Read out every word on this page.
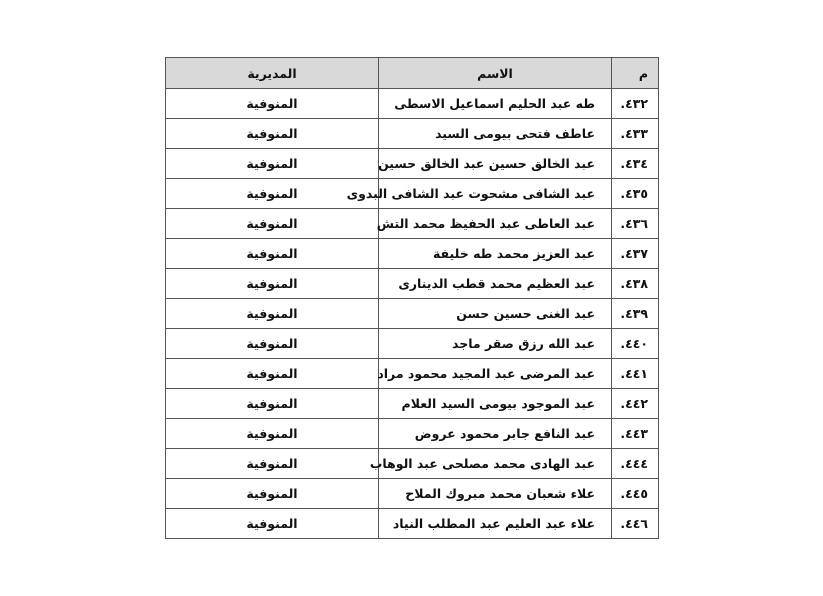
م	الاسم	المديرية
٤٣٢.	طه عبد الحليم اسماعيل الاسطى	المنوفية
٤٣٣.	عاطف فتحى بيومى السيد	المنوفية
٤٣٤.	عبد الخالق حسين عبد الخالق حسين	المنوفية
٤٣٥.	عبد الشافى مشحوت عبد الشافى البدوى	المنوفية
٤٣٦.	عبد العاطى عبد الحفيظ محمد التش	المنوفية
٤٣٧.	عبد العزيز محمد طه خليفة	المنوفية
٤٣٨.	عبد العظيم محمد قطب الدينارى	المنوفية
٤٣٩.	عبد الغنى حسين حسن	المنوفية
٤٤٠.	عبد الله رزق صقر ماجد	المنوفية
٤٤١.	عبد المرضى عبد المجيد محمود مراد	المنوفية
٤٤٢.	عبد الموجود بيومى السيد العلام	المنوفية
٤٤٣.	عبد النافع جابر محمود عروض	المنوفية
٤٤٤.	عبد الهادى محمد مصلحى عبد الوهاب	المنوفية
٤٤٥.	علاء شعبان محمد مبروك الملاح	المنوفية
٤٤٦.	علاء عبد العليم عبد المطلب النياد	المنوفية
